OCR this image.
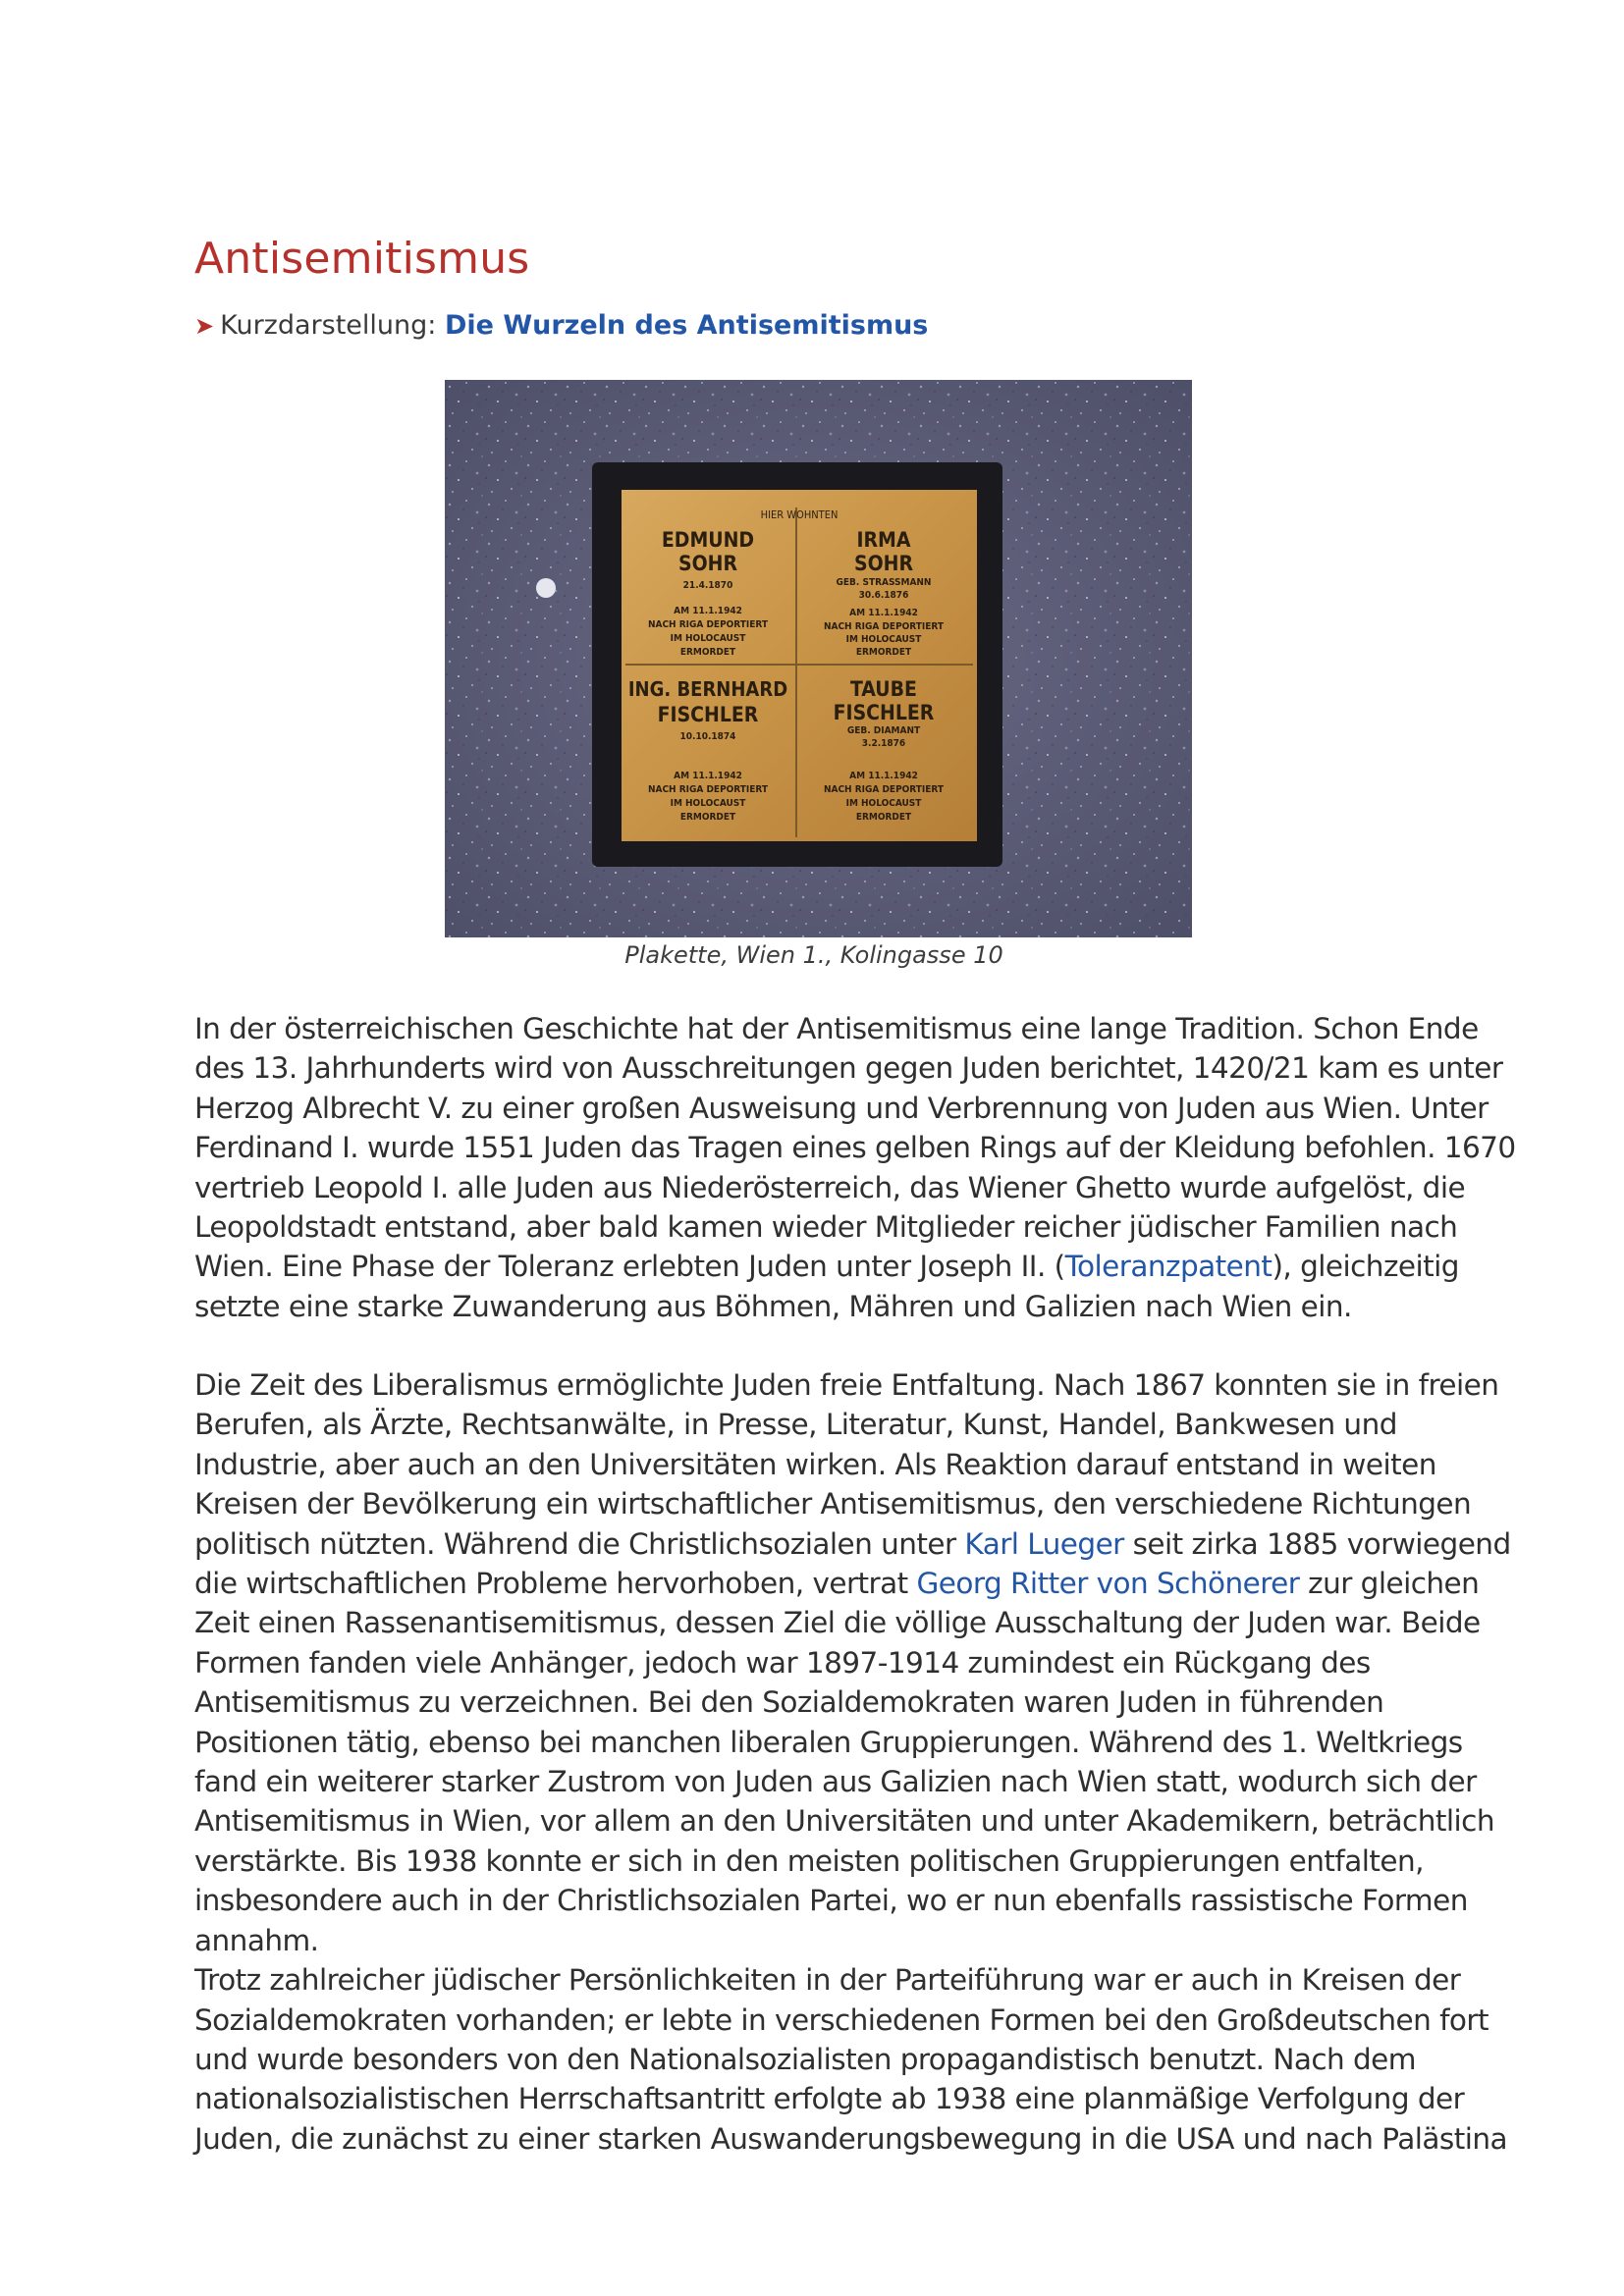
Antisemitismus
➤ Kurzdarstellung: Die Wurzeln des Antisemitismus
HIER WOHNTEN
EDMUND
SOHR
21.4.1870
AM 11.1.1942
NACH RIGA DEPORTIERT
IM HOLOCAUST
ERMORDET
IRMA
SOHR
GEB. STRASSMANN
30.6.1876
AM 11.1.1942
NACH RIGA DEPORTIERT
IM HOLOCAUST
ERMORDET
ING. BERNHARD
FISCHLER
10.10.1874
AM 11.1.1942
NACH RIGA DEPORTIERT
IM HOLOCAUST
ERMORDET
TAUBE
FISCHLER
GEB. DIAMANT
3.2.1876
AM 11.1.1942
NACH RIGA DEPORTIERT
IM HOLOCAUST
ERMORDET
Plakette, Wien 1., Kolingasse 10

In der österreichischen Geschichte hat der Antisemitismus eine lange Tradition. Schon Ende
des 13. Jahrhunderts wird von Ausschreitungen gegen Juden berichtet, 1420/21 kam es unter
Herzog Albrecht V. zu einer großen Ausweisung und Verbrennung von Juden aus Wien. Unter
Ferdinand I. wurde 1551 Juden das Tragen eines gelben Rings auf der Kleidung befohlen. 1670
vertrieb Leopold I. alle Juden aus Niederösterreich, das Wiener Ghetto wurde aufgelöst, die
Leopoldstadt entstand, aber bald kamen wieder Mitglieder reicher jüdischer Familien nach
Wien. Eine Phase der Toleranz erlebten Juden unter Joseph II. (Toleranzpatent), gleichzeitig
setzte eine starke Zuwanderung aus Böhmen, Mähren und Galizien nach Wien ein.

Die Zeit des Liberalismus ermöglichte Juden freie Entfaltung. Nach 1867 konnten sie in freien
Berufen, als Ärzte, Rechtsanwälte, in Presse, Literatur, Kunst, Handel, Bankwesen und
Industrie, aber auch an den Universitäten wirken. Als Reaktion darauf entstand in weiten
Kreisen der Bevölkerung ein wirtschaftlicher Antisemitismus, den verschiedene Richtungen
politisch nützten. Während die Christlichsozialen unter Karl Lueger seit zirka 1885 vorwiegend
die wirtschaftlichen Probleme hervorhoben, vertrat Georg Ritter von Schönerer zur gleichen
Zeit einen Rassenantisemitismus, dessen Ziel die völlige Ausschaltung der Juden war. Beide
Formen fanden viele Anhänger, jedoch war 1897-1914 zumindest ein Rückgang des
Antisemitismus zu verzeichnen. Bei den Sozialdemokraten waren Juden in führenden
Positionen tätig, ebenso bei manchen liberalen Gruppierungen. Während des 1. Weltkriegs
fand ein weiterer starker Zustrom von Juden aus Galizien nach Wien statt, wodurch sich der
Antisemitismus in Wien, vor allem an den Universitäten und unter Akademikern, beträchtlich
verstärkte. Bis 1938 konnte er sich in den meisten politischen Gruppierungen entfalten,
insbesondere auch in der Christlichsozialen Partei, wo er nun ebenfalls rassistische Formen
annahm.
Trotz zahlreicher jüdischer Persönlichkeiten in der Parteiführung war er auch in Kreisen der
Sozialdemokraten vorhanden; er lebte in verschiedenen Formen bei den Großdeutschen fort
und wurde besonders von den Nationalsozialisten propagandistisch benutzt. Nach dem
nationalsozialistischen Herrschaftsantritt erfolgte ab 1938 eine planmäßige Verfolgung der
Juden, die zunächst zu einer starken Auswanderungsbewegung in die USA und nach Palästina
